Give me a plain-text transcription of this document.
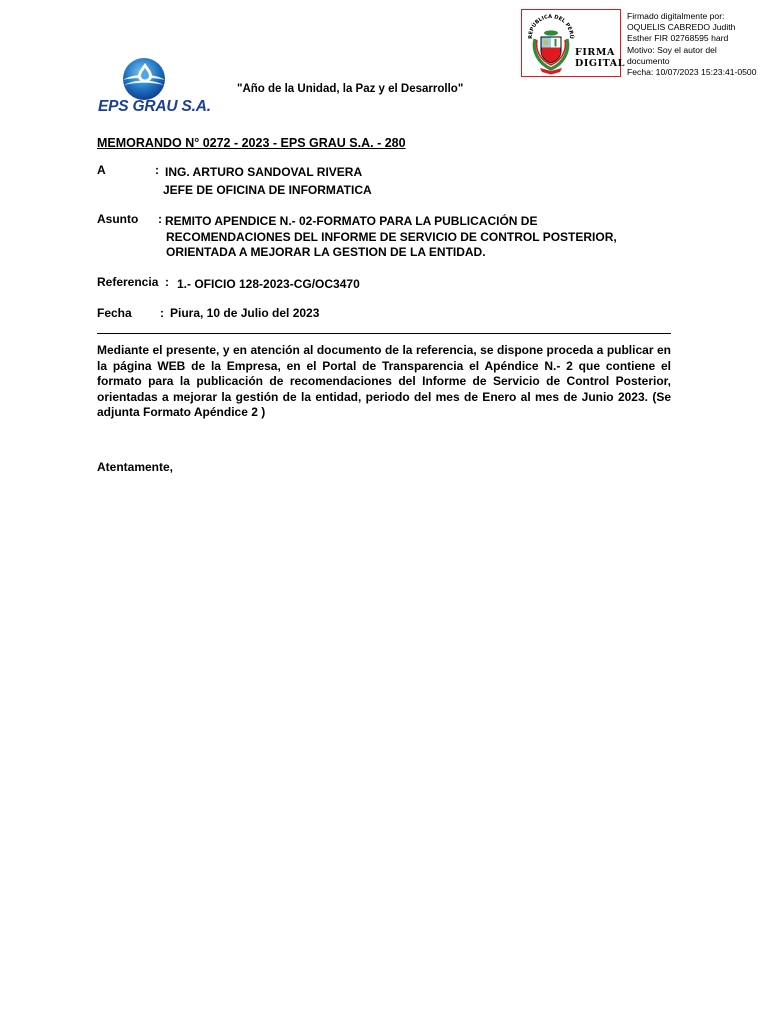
REPÚBLICA DEL PERÚ
FIRMA
DIGITAL
Firmado digitalmente por:
OQUELIS CABREDO Judith
Esther FIR 02768595 hard
Motivo: Soy el autor del
documento
Fecha: 10/07/2023 15:23:41-0500
EPS GRAU S.A.
"Año de la Unidad, la Paz y el Desarrollo"
MEMORANDO N° 0272 - 2023 - EPS GRAU S.A. - 280
A	: ING. ARTURO SANDOVAL RIVERA
JEFE DE OFICINA DE INFORMATICA
Asunto : REMITO APENDICE N.- 02-FORMATO PARA LA PUBLICACIÓN DE
RECOMENDACIONES DEL INFORME DE SERVICIO DE CONTROL POSTERIOR,
ORIENTADA A MEJORAR LA GESTION DE LA ENTIDAD.
Referencia : 1.- OFICIO 128-2023-CG/OC3470
Fecha : Piura, 10 de Julio del 2023
Mediante el presente, y en atención al documento de la referencia, se dispone proceda a publicar en la página WEB de la Empresa, en el Portal de Transparencia el Apéndice N.- 2 que contiene el formato para la publicación de recomendaciones del Informe de Servicio de Control Posterior, orientadas a mejorar la gestión de la entidad, periodo del mes de Enero al mes de Junio 2023. (Se adjunta Formato Apéndice 2 )
Atentamente,
